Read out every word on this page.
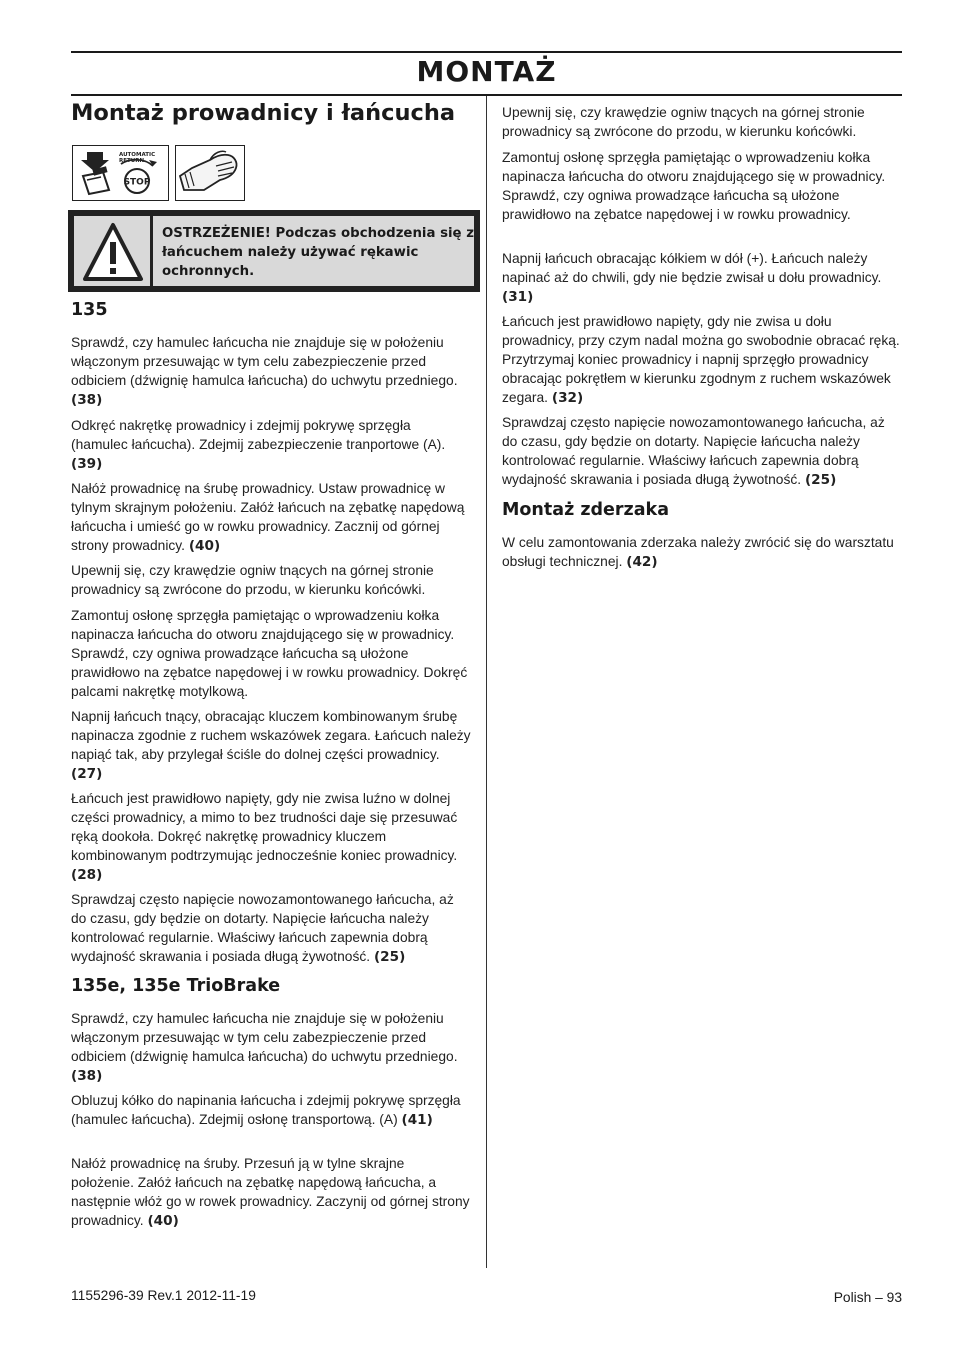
MONTAŻ
Montaż prowadnicy i łańcucha
AUTOMATIC
RETURN
STOP
OSTRZEŻENIE! Podczas obchodzenia się z łańcuchem należy używać rękawic ochronnych.
135

Sprawdź, czy hamulec łańcucha nie znajduje się w położeniu włączonym przesuwając w tym celu zabezpieczenie przed odbiciem (dźwignię hamulca łańcucha) do uchwytu przedniego. (38)

Odkręć nakrętkę prowadnicy i zdejmij pokrywę sprzęgła (hamulec łańcucha). Zdejmij zabezpieczenie tranportowe (A). (39)

Nałóż prowadnicę na śrubę prowadnicy. Ustaw prowadnicę w tylnym skrajnym położeniu. Załóż łańcuch na zębatkę napędową łańcucha i umieść go w rowku prowadnicy. Zacznij od górnej strony prowadnicy. (40)

Upewnij się, czy krawędzie ogniw tnących na górnej stronie prowadnicy są zwrócone do przodu, w kierunku końcówki.

Zamontuj osłonę sprzęgła pamiętając o wprowadzeniu kołka napinacza łańcucha do otworu znajdującego się w prowadnicy. Sprawdź, czy ogniwa prowadzące łańcucha są ułożone prawidłowo na zębatce napędowej i w rowku prowadnicy. Dokręć palcami nakrętkę motylkową.

Napnij łańcuch tnący, obracając kluczem kombinowanym śrubę napinacza zgodnie z ruchem wskazówek zegara. Łańcuch należy napiąć tak, aby przylegał ściśle do dolnej części prowadnicy. (27)

Łańcuch jest prawidłowo napięty, gdy nie zwisa luźno w dolnej części prowadnicy, a mimo to bez trudności daje się przesuwać ręką dookoła. Dokręć nakrętkę prowadnicy kluczem kombinowanym podtrzymując jednocześnie koniec prowadnicy. (28)

Sprawdzaj często napięcie nowozamontowanego łańcucha, aż do czasu, gdy będzie on dotarty. Napięcie łańcucha należy kontrolować regularnie. Właściwy łańcuch zapewnia dobrą wydajność skrawania i posiada długą żywotność. (25)

135e, 135e TrioBrake

Sprawdź, czy hamulec łańcucha nie znajduje się w położeniu włączonym przesuwając w tym celu zabezpieczenie przed odbiciem (dźwignię hamulca łańcucha) do uchwytu przedniego. (38)

Obluzuj kółko do napinania łańcucha i zdejmij pokrywę sprzęgła (hamulec łańcucha). Zdejmij osłonę transportową. (A) (41)

Nałóż prowadnicę na śruby. Przesuń ją w tylne skrajne położenie. Załóż łańcuch na zębatkę napędową łańcucha, a następnie włóż go w rowek prowadnicy. Zaczynij od górnej strony prowadnicy. (40)

Upewnij się, czy krawędzie ogniw tnących na górnej stronie prowadnicy są zwrócone do przodu, w kierunku końcówki.

Zamontuj osłonę sprzęgła pamiętając o wprowadzeniu kołka napinacza łańcucha do otworu znajdującego się w prowadnicy. Sprawdź, czy ogniwa prowadzące łańcucha są ułożone prawidłowo na zębatce napędowej i w rowku prowadnicy.

Napnij łańcuch obracając kółkiem w dół (+). Łańcuch należy napinać aż do chwili, gdy nie będzie zwisał u dołu prowadnicy. (31)

Łańcuch jest prawidłowo napięty, gdy nie zwisa u dołu prowadnicy, przy czym nadal można go swobodnie obracać ręką. Przytrzymaj koniec prowadnicy i napnij sprzęgło prowadnicy obracając pokrętłem w kierunku zgodnym z ruchem wskazówek zegara. (32)

Sprawdzaj często napięcie nowozamontowanego łańcucha, aż do czasu, gdy będzie on dotarty. Napięcie łańcucha należy kontrolować regularnie. Właściwy łańcuch zapewnia dobrą wydajność skrawania i posiada długą żywotność. (25)

Montaż zderzaka

W celu zamontowania zderzaka należy zwrócić się do warsztatu obsługi technicznej. (42)

1155296-39 Rev.1 2012-11-19	Polish – 93
